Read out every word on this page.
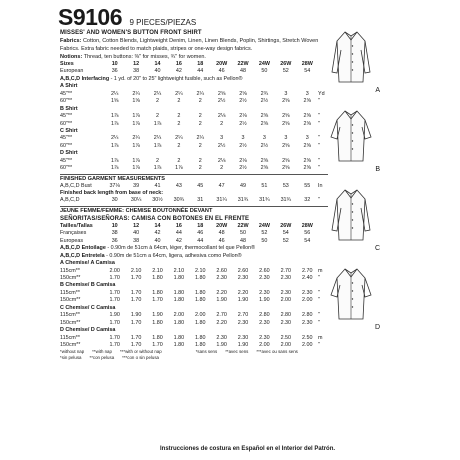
S9106 9 PIECES/PIEZAS
MISSES' AND WOMEN'S BUTTON FRONT SHIRT
Fabrics: Cotton, Cotton Blends, Lightweight Denim, Linen, Linen Blends, Poplin, Shirtings, Stretch Woven Fabrics. Extra fabric needed to match plaids, stripes or one-way design fabrics.
Notions: Thread, ten buttons: ⅜" for misses, ¾" for women.
Sizes	10	12	14	16	18	20W	22W	24W	26W	28W	
European	36	38	40	42	44	46	48	50	52	54	
A,B,C,D Interfacing - 1 yd. of 20" to 25" lightweight fusible, such as Pellon®
A Shirt
45"**	2¼	2¼	2¼	2¼	2¼	2⅝	2⅝	2¾	3	3	Yd
60"**	1⅝	1⅝	2	2	2	2½	2½	2½	2⅝	2⅝	"
B Shirt
45"**	1⅞	1⅞	2	2	2	2⅛	2⅛	2⅝	2⅝	2⅝	"
60"**	1⅞	1⅞	1⅞	2	2	2	2½	2⅝	2⅝	2⅝	"
C Shirt
45"**	2¼	2¼	2¼	2¼	2¼	3	3	3	3	3	"
60"**	1⅞	1⅞	1⅞	2	2	2½	2½	2½	2⅝	2⅝	"
D Shirt
45"**	1⅞	1⅞	2	2	2	2⅛	2⅛	2⅝	2⅝	2⅝	"
60"**	1⅞	1⅞	1⅞	1⅞	2	2	2½	2⅝	2⅝	2⅝	"
FINISHED GARMENT MEASUREMENTS
A,B,C,D Bust	37⅛	39	41	43	45	47	49	51	53	55	In
Finished back length from base of neck:
A,B,C,D	30	30¼	30½	30¾	31	31¼	31¾	31¾	31¾	32	"
JEUNE FEMME/FEMME: CHEMISE BOUTONNÉE DEVANT
SEÑORITAS/SEÑORAS: CAMISA CON BOTONES EN EL FRENTE
Tailles/Tallas	10	12	14	16	18	20W	22W	24W	26W	28W	
Françaises	38	40	42	44	46	48	50	52	54	56	
Europeas	36	38	40	42	44	46	48	50	52	54	
A,B,C,D Entoilage - 0.90m de 51cm à 64cm, léger, thermocollant tel que Pellon®
A,B,C,D Entretela - 0.90m de 51cm a 64cm, ligera, adhesiva como Pellon®
A Chemise/ A Camisa
115cm**	2.00	2.10	2.10	2.10	2.10	2.60	2.60	2.60	2.70	2.70	m
150cm**	1.70	1.70	1.80	1.80	1.80	2.30	2.30	2.30	2.30	2.40	"
B Chemise/ B Camisa
115cm**	1.70	1.70	1.80	1.80	1.80	2.20	2.20	2.30	2.30	2.30	"
150cm**	1.70	1.70	1.70	1.80	1.80	1.90	1.90	1.90	2.00	2.00	"
C Chemise/ C Camisa
115cm**	1.90	1.90	1.90	2.00	2.00	2.70	2.70	2.80	2.80	2.80	"
150cm**	1.70	1.70	1.80	1.80	1.80	2.20	2.30	2.30	2.30	2.30	"
D Chemise/ D Camisa
115cm**	1.70	1.70	1.80	1.80	1.80	2.30	2.30	2.30	2.50	2.50	m
150cm**	1.70	1.70	1.70	1.80	1.80	1.90	1.90	2.00	2.00	2.00	"
*without nap **with nap ***with or without nap	*sans sens **avec sens ***avec ou sans sens
*sin pelusa **con pelusa ***con o sin pelusa
A
B
C
D
Instrucciones de costura en Español en el Interior del Patrón.
